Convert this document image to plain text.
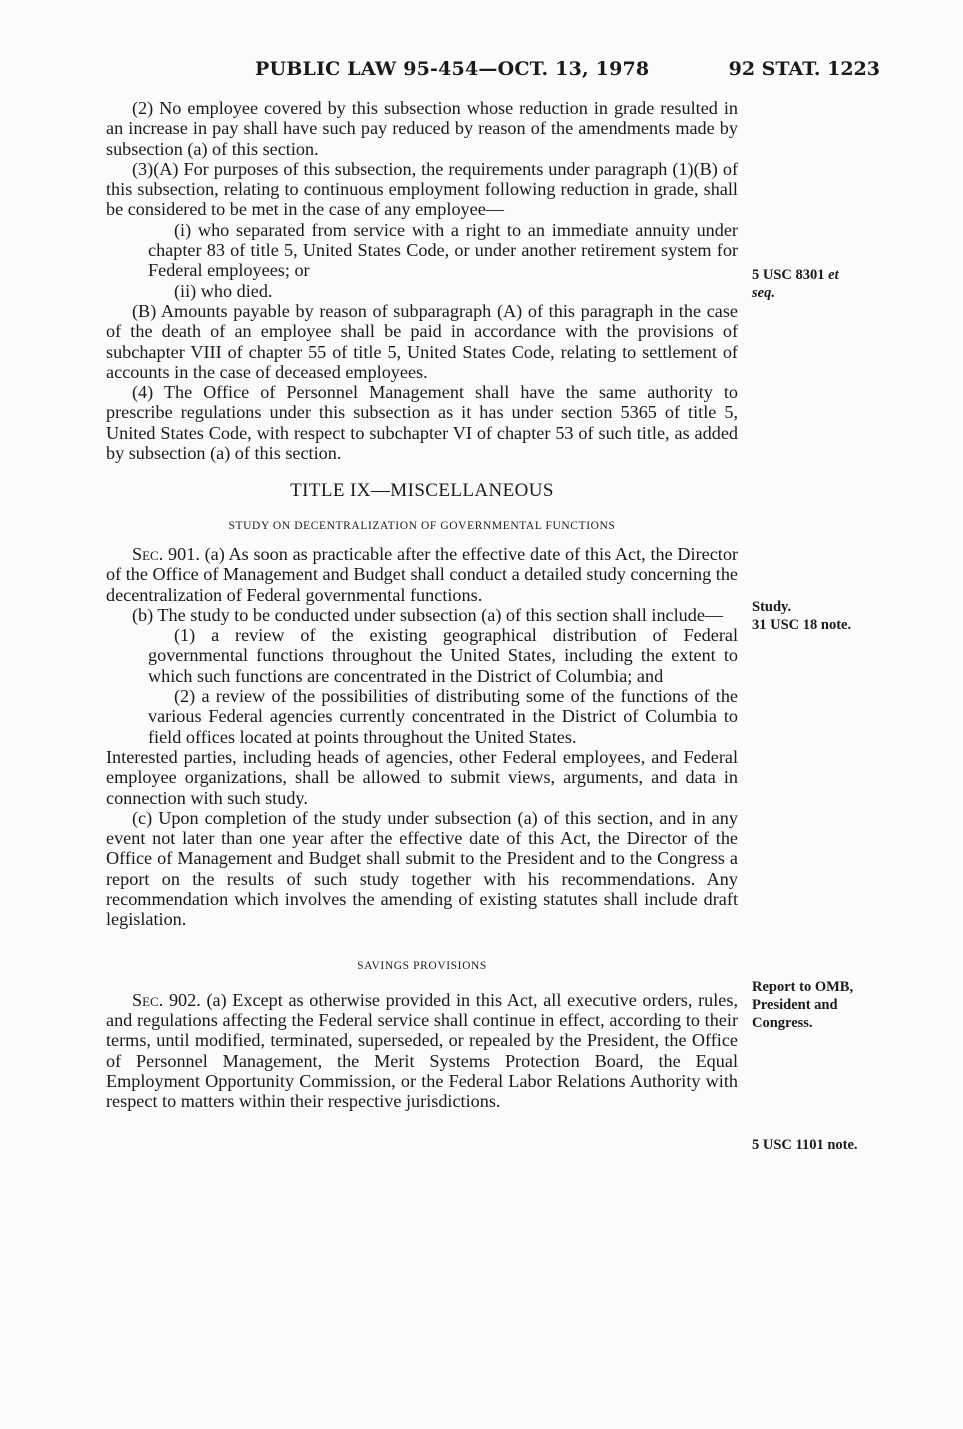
PUBLIC LAW 95-454—OCT. 13, 1978	92 STAT. 1223

(2) No employee covered by this subsection whose reduction in grade resulted in an increase in pay shall have such pay reduced by reason of the amendments made by subsection (a) of this section.

(3)(A) For purposes of this subsection, the requirements under paragraph (1)(B) of this subsection, relating to continuous employment following reduction in grade, shall be considered to be met in the case of any employee—

(i) who separated from service with a right to an immediate annuity under chapter 83 of title 5, United States Code, or under another retirement system for Federal employees; or

(ii) who died.

(B) Amounts payable by reason of subparagraph (A) of this paragraph in the case of the death of an employee shall be paid in accordance with the provisions of subchapter VIII of chapter 55 of title 5, United States Code, relating to settlement of accounts in the case of deceased employees.

(4) The Office of Personnel Management shall have the same authority to prescribe regulations under this subsection as it has under section 5365 of title 5, United States Code, with respect to subchapter VI of chapter 53 of such title, as added by subsection (a) of this section.

TITLE IX—MISCELLANEOUS

STUDY ON DECENTRALIZATION OF GOVERNMENTAL FUNCTIONS

Sec. 901. (a) As soon as practicable after the effective date of this Act, the Director of the Office of Management and Budget shall conduct a detailed study concerning the decentralization of Federal governmental functions.

(b) The study to be conducted under subsection (a) of this section shall include—

(1) a review of the existing geographical distribution of Federal governmental functions throughout the United States, including the extent to which such functions are concentrated in the District of Columbia; and

(2) a review of the possibilities of distributing some of the functions of the various Federal agencies currently concentrated in the District of Columbia to field offices located at points throughout the United States.

Interested parties, including heads of agencies, other Federal employees, and Federal employee organizations, shall be allowed to submit views, arguments, and data in connection with such study.

(c) Upon completion of the study under subsection (a) of this section, and in any event not later than one year after the effective date of this Act, the Director of the Office of Management and Budget shall submit to the President and to the Congress a report on the results of such study together with his recommendations. Any recommendation which involves the amending of existing statutes shall include draft legislation.

SAVINGS PROVISIONS

Sec. 902. (a) Except as otherwise provided in this Act, all executive orders, rules, and regulations affecting the Federal service shall continue in effect, according to their terms, until modified, terminated, superseded, or repealed by the President, the Office of Personnel Management, the Merit Systems Protection Board, the Equal Employment Opportunity Commission, or the Federal Labor Relations Authority with respect to matters within their respective jurisdictions.

5 USC 8301 et
seq.
Study.
31 USC 18 note.
Report to OMB,
President and
Congress.
5 USC 1101 note.
